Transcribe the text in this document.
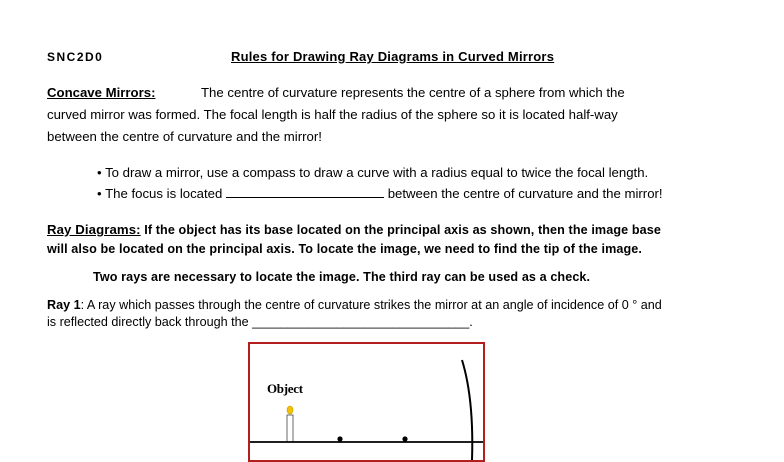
SNC2D0	Rules for Drawing Ray Diagrams in Curved Mirrors
Concave Mirrors:	The centre of curvature represents the centre of a sphere from which the
curved mirror was formed. The focal length is half the radius of the sphere so it is located half-way
between the centre of curvature and the mirror!
• To draw a mirror, use a compass to draw a curve with a radius equal to twice the focal length.
• The focus is located	between the centre of curvature and the mirror!
Ray Diagrams: If the object has its base located on the principal axis as shown, then the image base
will also be located on the principal axis. To locate the image, we need to find the tip of the image.
Two rays are necessary to locate the image. The third ray can be used as a check.
Ray 1: A ray which passes through the centre of curvature strikes the mirror at an angle of incidence of 0 ° and
is reflected directly back through the _______________________________.
Object
